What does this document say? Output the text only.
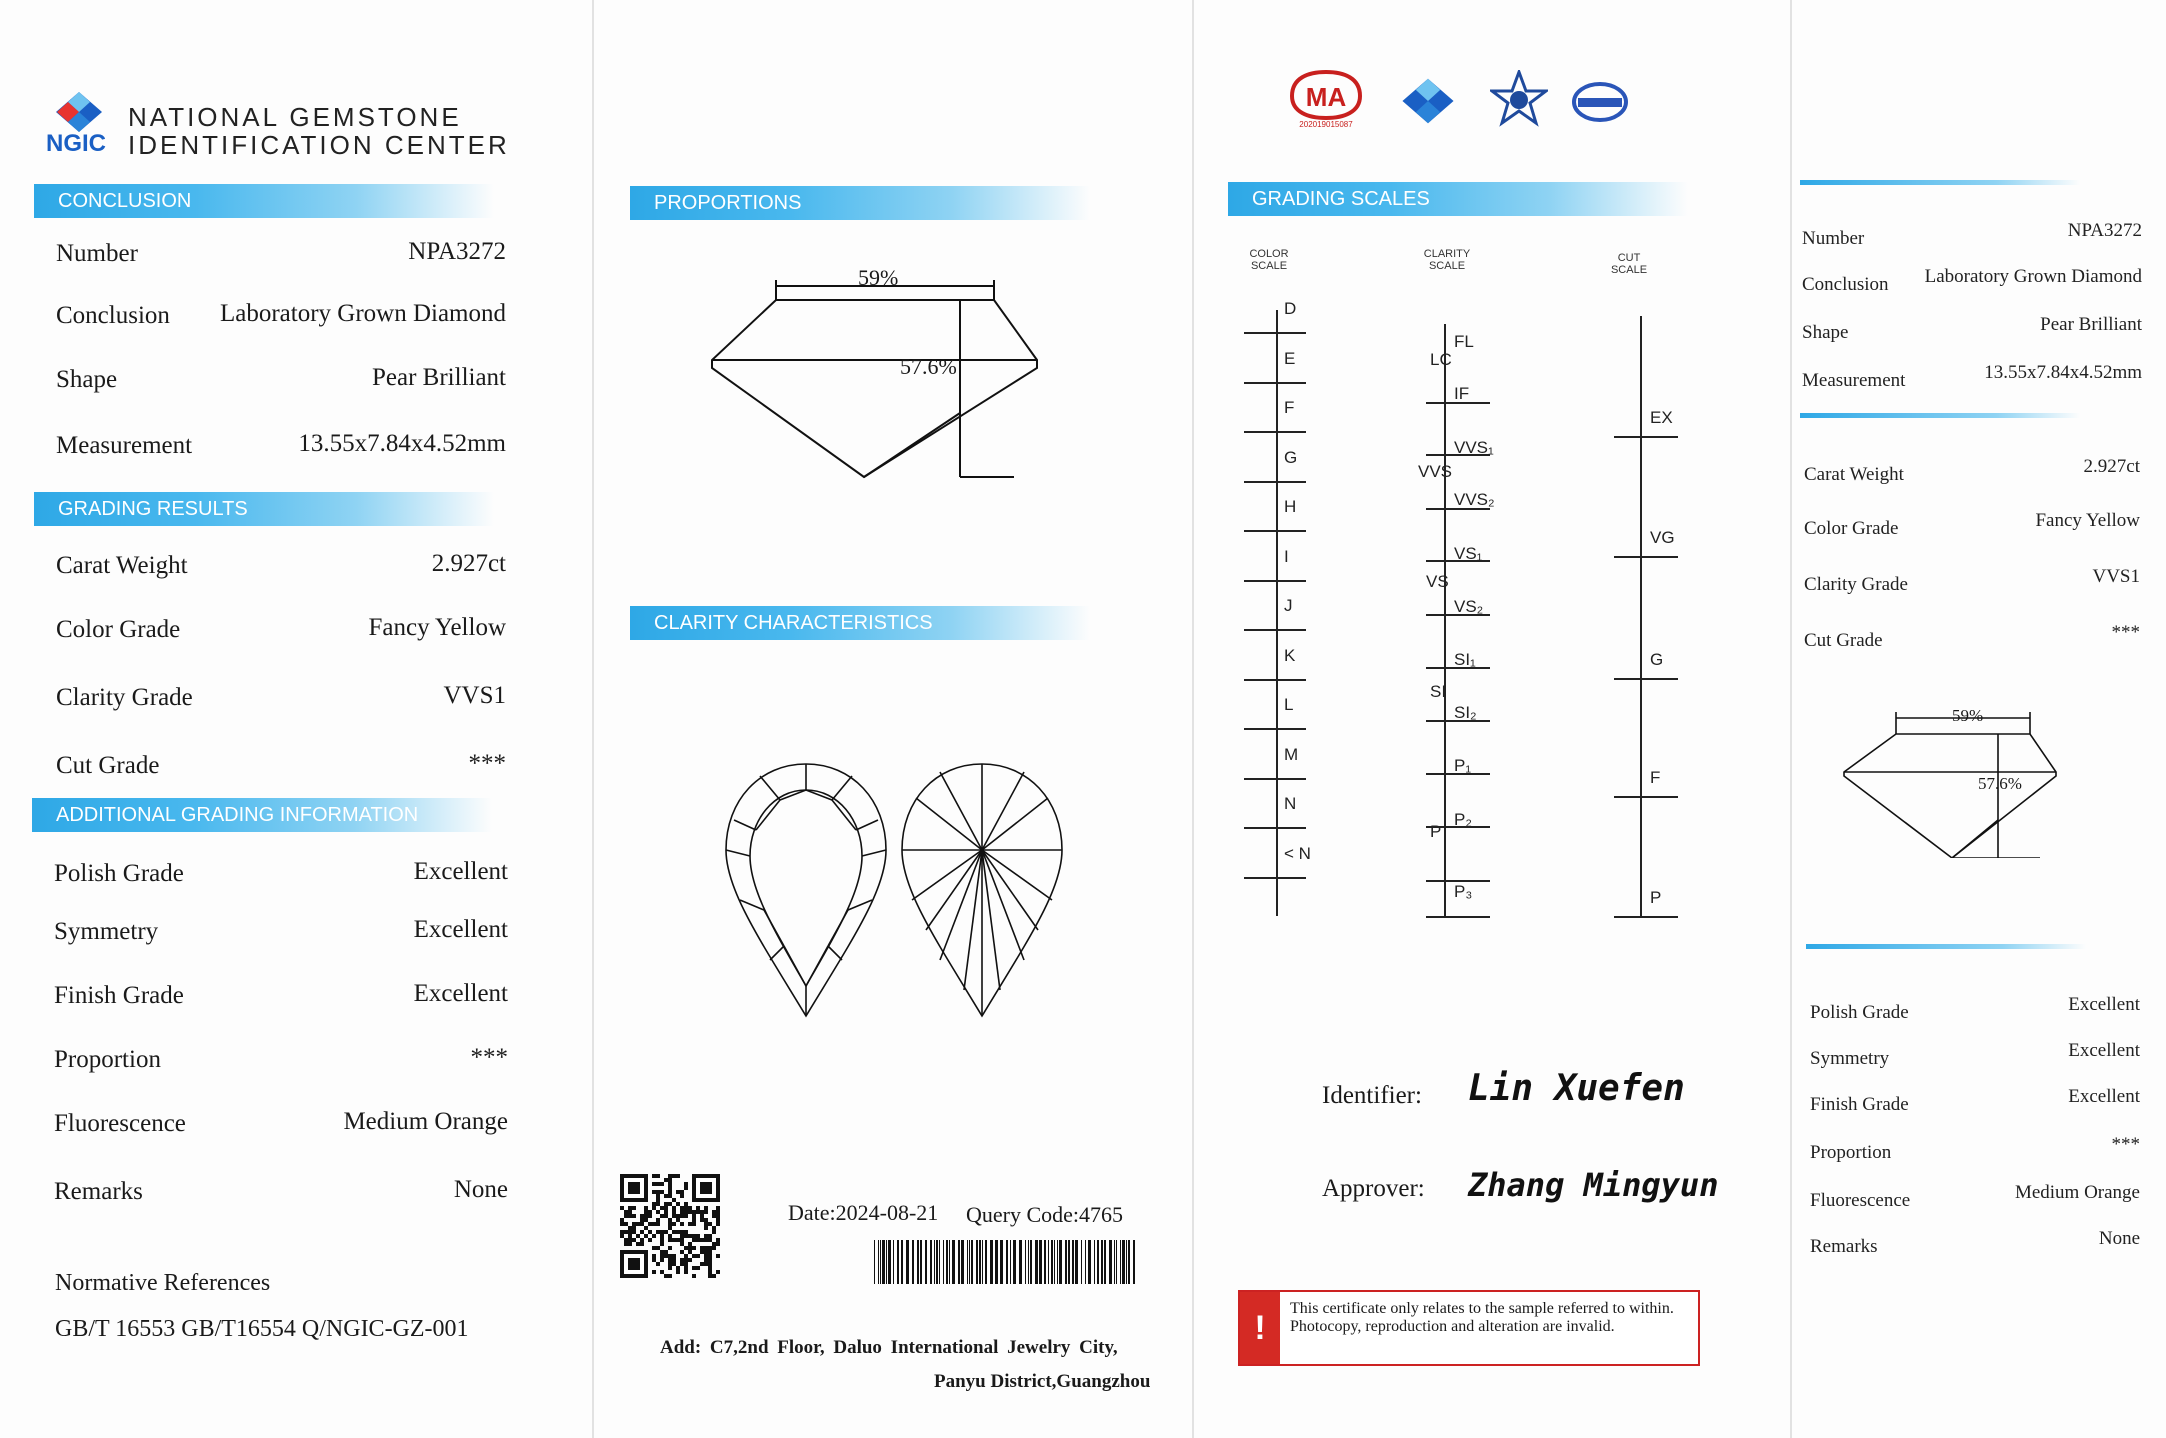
NGIC
NATIONAL GEMSTONE
IDENTIFICATION CENTER
CONCLUSION
Number	NPA3272
Conclusion Laboratory Grown Diamond
Shape	Pear Brilliant
Measurement	13.55x7.84x4.52mm
GRADING RESULTS
Carat Weight	2.927ct
Color Grade	Fancy Yellow
Clarity Grade	VVS1
Cut Grade	***
ADDITIONAL GRADING INFORMATION
Polish Grade	Excellent
Symmetry	Excellent
Finish Grade	Excellent
Proportion	***
Fluorescence	Medium Orange
Remarks	None
Normative References
GB/T 16553 GB/T16554 Q/NGIC-GZ-001
PROPORTIONS
59%
57.6%
CLARITY CHARACTERISTICS
Date:2024-08-21 Query Code:4765
Add: C7,2nd Floor, Daluo International Jewelry City,
Panyu District,Guangzhou
MA
202019015087
GRADING SCALES
COLOR
SCALE
CLARITY
SCALE
CUT
SCALE
D
E
F
G
H
I
J
K
L
M
N
< N
FL
IF
VVS₁
VVS₂
VS₁
VS₂
SI₁
SI₂
P₁
P₂
P₃
LC
VVS
VS
SI
P
EX
VG
G
F
P
Identifier: Lin Xuefen
Approver: Zhang Mingyun
!
This certificate only relates to the sample referred to within. Photocopy, reproduction and alteration are invalid.
Number	NPA3272
Conclusion Laboratory Grown Diamond
Shape	Pear Brilliant
Measurement	13.55x7.84x4.52mm
Carat Weight	2.927ct
Color Grade	Fancy Yellow
Clarity Grade	VVS1
Cut Grade	***
59%
57.6%
Polish Grade	Excellent
Symmetry	Excellent
Finish Grade	Excellent
Proportion	***
Fluorescence	Medium Orange
Remarks	None
